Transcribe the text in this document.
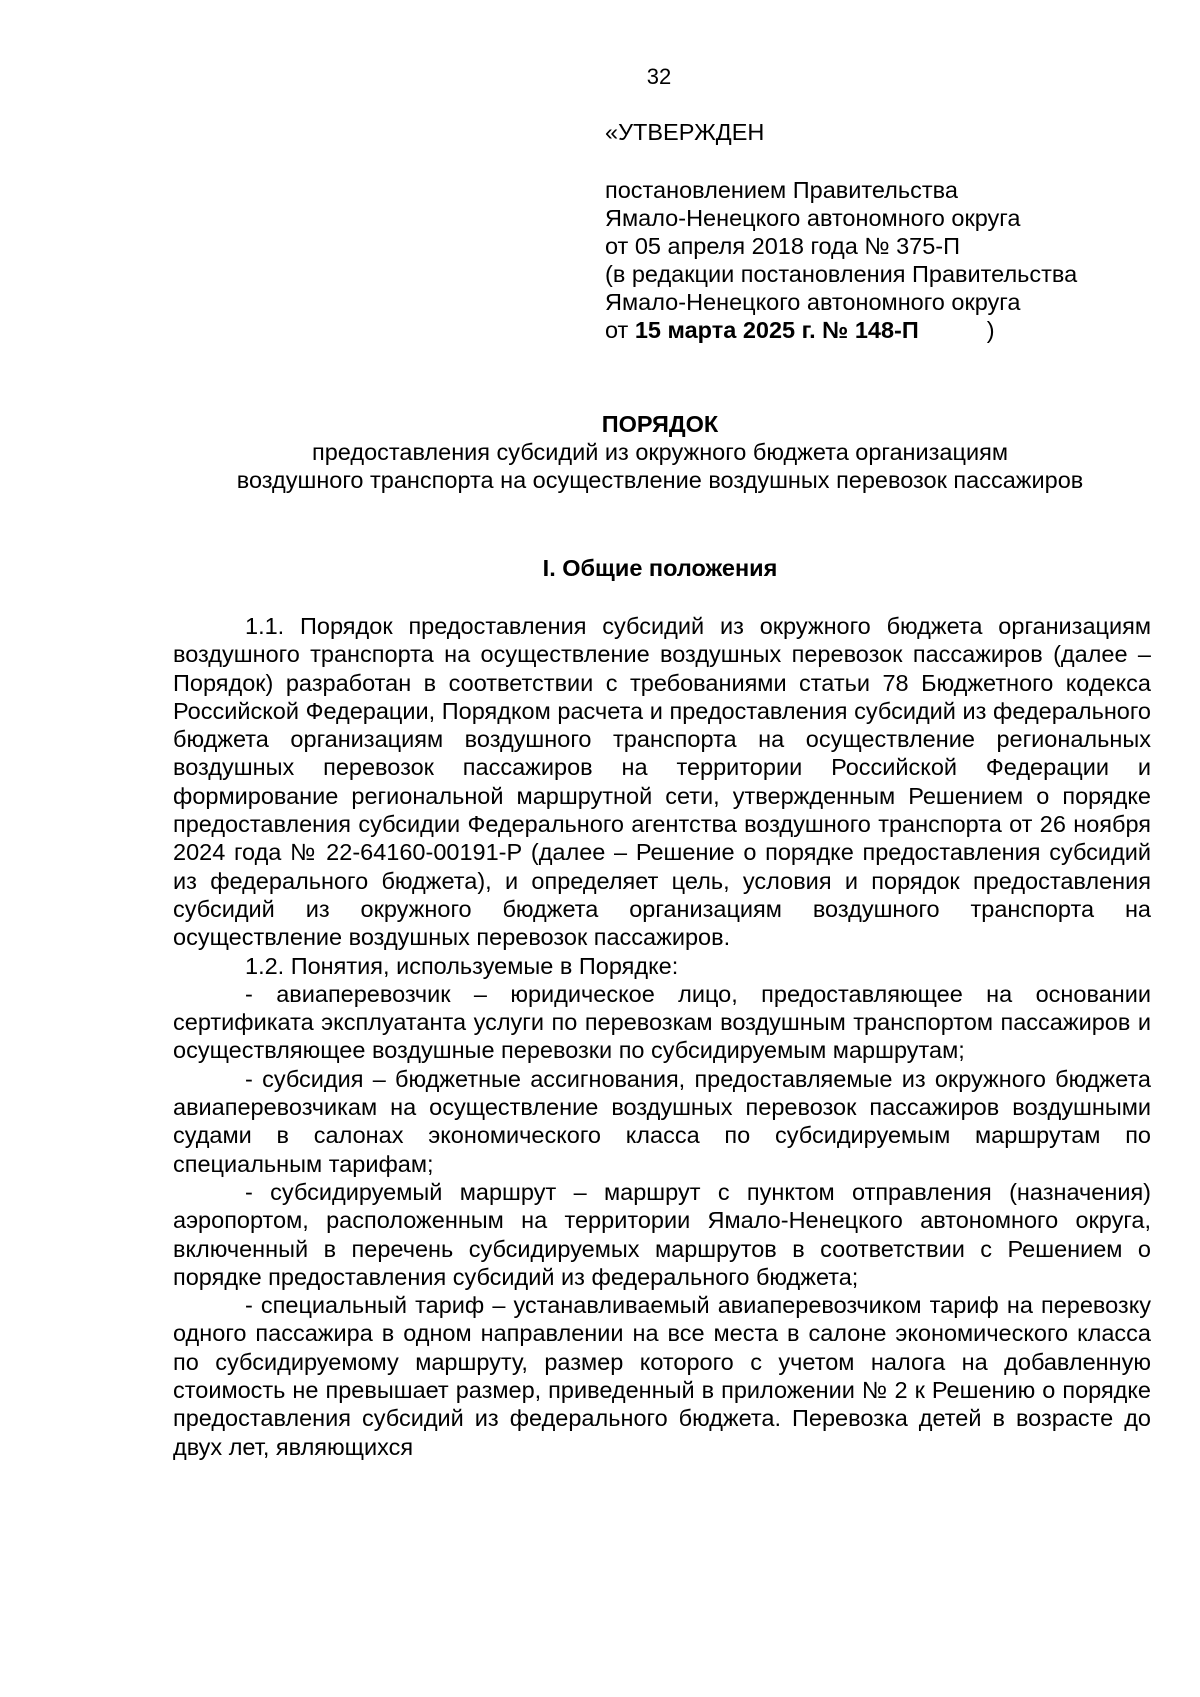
32
«УТВЕРЖДЕН
постановлением Правительства
Ямало-Ненецкого автономного округа
от 05 апреля 2018 года № 375-П
(в редакции постановления Правительства
Ямало-Ненецкого автономного округа
от 15 марта 2025 г. № 148-П	)
ПОРЯДОК
предоставления субсидий из окружного бюджета организациям
воздушного транспорта на осуществление воздушных перевозок пассажиров
I. Общие положения

1.1. Порядок предоставления субсидий из окружного бюджета организациям воздушного транспорта на осуществление воздушных перевозок пассажиров (далее – Порядок) разработан в соответствии с требованиями статьи 78 Бюджетного кодекса Российской Федерации, Порядком расчета и предоставления субсидий из федерального бюджета организациям воздушного транспорта на осуществление региональных воздушных перевозок пассажиров на территории Российской Федерации и формирование региональной маршрутной сети, утвержденным Решением о порядке предоставления субсидии Федерального агентства воздушного транспорта от 26 ноября 2024 года № 22-64160-00191-Р (далее – Решение о порядке предоставления субсидий из федерального бюджета), и определяет цель, условия и порядок предоставления субсидий из окружного бюджета организациям воздушного транспорта на осуществление воздушных перевозок пассажиров.

1.2. Понятия, используемые в Порядке:

- авиаперевозчик – юридическое лицо, предоставляющее на основании сертификата эксплуатанта услуги по перевозкам воздушным транспортом пассажиров и осуществляющее воздушные перевозки по субсидируемым маршрутам;

- субсидия – бюджетные ассигнования, предоставляемые из окружного бюджета авиаперевозчикам на осуществление воздушных перевозок пассажиров воздушными судами в салонах экономического класса по субсидируемым маршрутам по специальным тарифам;

- субсидируемый маршрут – маршрут с пунктом отправления (назначения) аэропортом, расположенным на территории Ямало-Ненецкого автономного округа, включенный в перечень субсидируемых маршрутов в соответствии с Решением о порядке предоставления субсидий из федерального бюджета;

- специальный тариф – устанавливаемый авиаперевозчиком тариф на перевозку одного пассажира в одном направлении на все места в салоне экономического класса по субсидируемому маршруту, размер которого с учетом налога на добавленную стоимость не превышает размер, приведенный в приложении № 2 к Решению о порядке предоставления субсидий из федерального бюджета. Перевозка детей в возрасте до двух лет, являющихся
